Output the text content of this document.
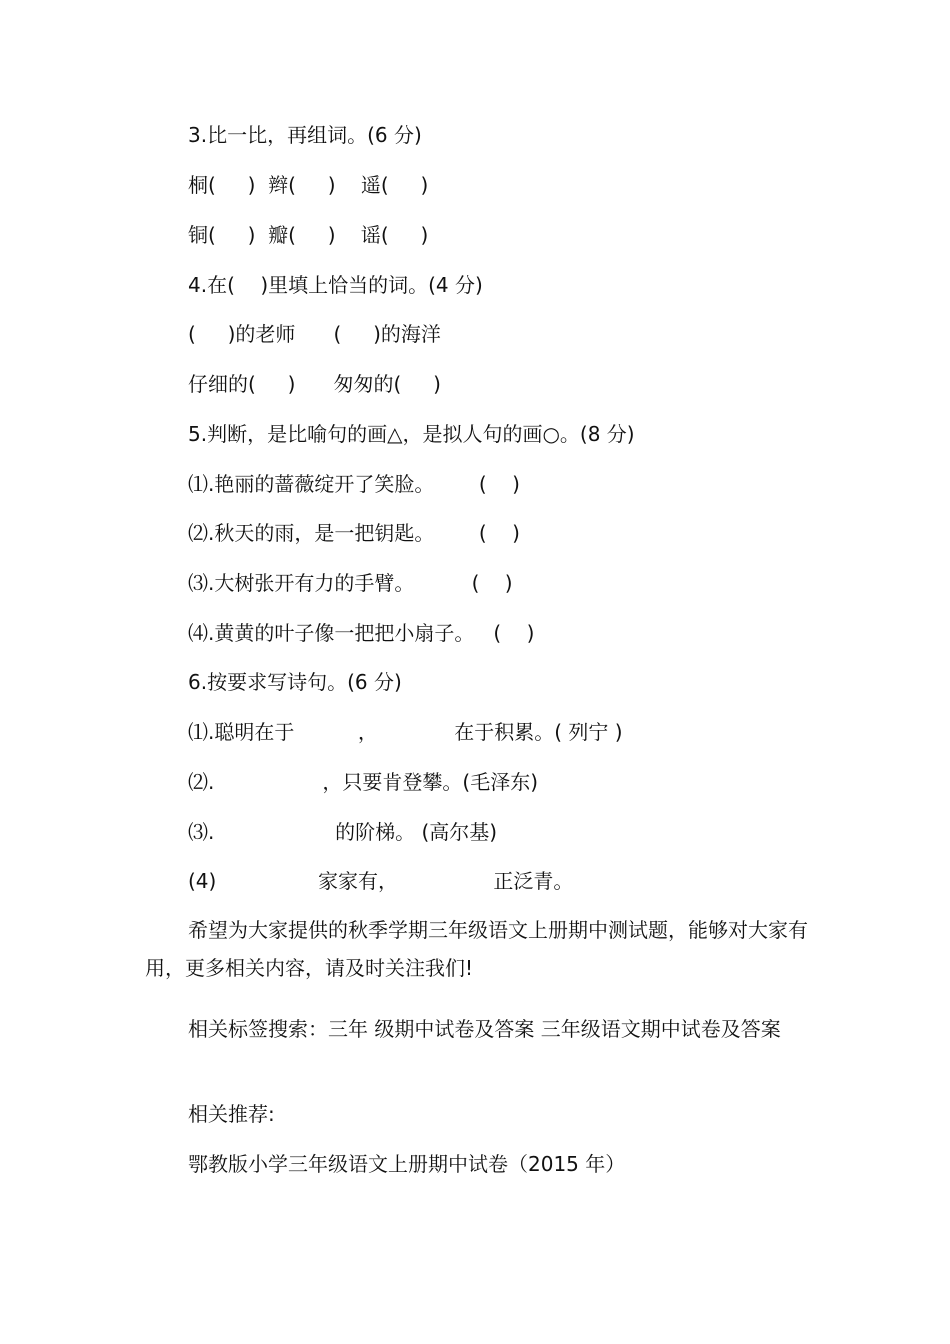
3.比一比，再组词。(6 分)

桐(     )  辫(     )    遥(     )

铜(     )  瓣(     )    谣(     )

4.在(    )里填上恰当的词。(4 分)

(     )的老师      (     )的海洋

仔细的(     )      匆匆的(     )

5.判断，是比喻句的画△，是拟人句的画○。(8 分)

⑴.艳丽的蔷薇绽开了笑脸。       (    )

⑵.秋天的雨，是一把钥匙。       (    )

⑶.大树张开有力的手臂。         (    )

⑷.黄黄的叶子像一把把小扇子。   (    )

6.按要求写诗句。(6 分)

⑴.聪明在于          ，            在于积累。( 列宁 )

⑵.                 ，只要肯登攀。(毛泽东)

⑶.                   的阶梯。 (高尔基)

(4)                家家有，               正泛青。

希望为大家提供的秋季学期三年级语文上册期中测试题，能够对大家有用，更多相关内容，请及时关注我们!

相关标签搜索：三年 级期中试卷及答案 三年级语文期中试卷及答案

相关推荐:

鄂教版小学三年级语文上册期中试卷（2015 年）
